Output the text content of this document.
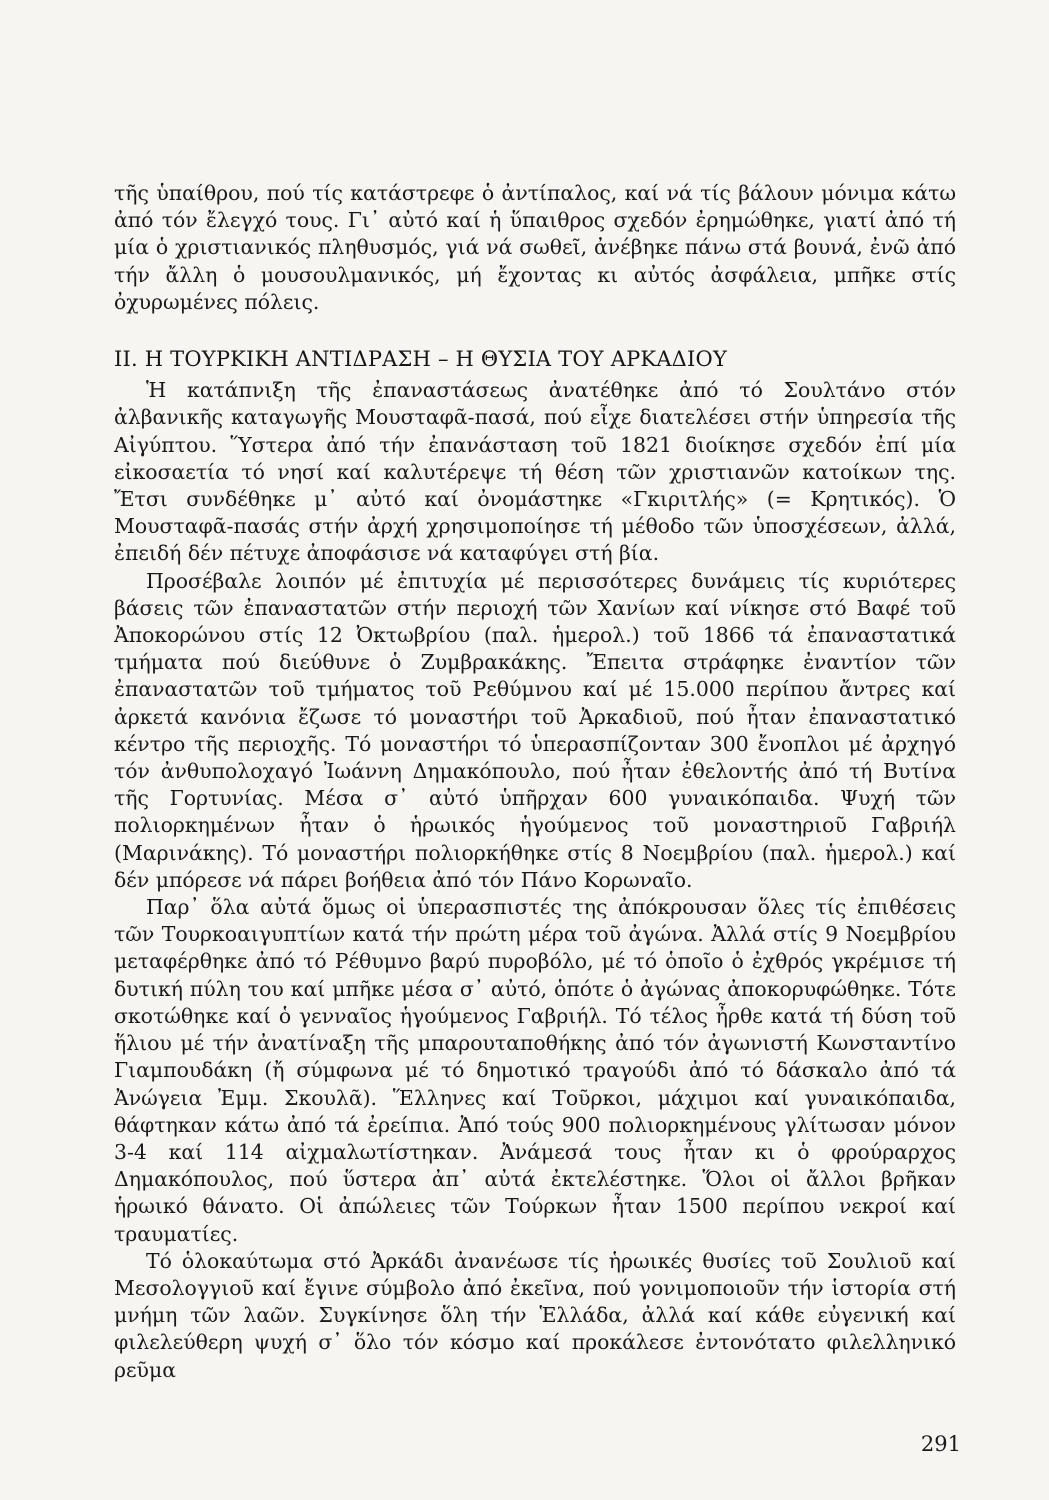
τῆς ὑπαίθρου, πού τίς κατάστρεφε ὁ ἀντίπαλος, καί νά τίς βάλουν μόνιμα κάτω ἀπό τόν ἔλεγχό τους. Γι᾿ αὐτό καί ἡ ὕπαιθρος σχεδόν ἐρημώθηκε, γιατί ἀπό τή μία ὁ χριστιανικός πληθυσμός, γιά νά σωθεῖ, ἀνέβηκε πάνω στά βουνά, ἐνῶ ἀπό τήν ἄλλη ὁ μουσουλμανικός, μή ἔχοντας κι αὐτός ἀσφάλεια, μπῆκε στίς ὀχυρωμένες πόλεις.

ΙΙ. Η ΤΟΥΡΚΙΚΗ ΑΝΤΙΔΡΑΣΗ – Η ΘΥΣΙΑ ΤΟΥ ΑΡΚΑΔΙΟΥ

Ἡ κατάπνιξη τῆς ἐπαναστάσεως ἀνατέθηκε ἀπό τό Σουλτάνο στόν ἀλβανικῆς καταγωγῆς Μουσταφᾶ-πασά, πού εἶχε διατελέσει στήν ὑπηρεσία τῆς Αἰγύπτου. Ὕστερα ἀπό τήν ἐπανάσταση τοῦ 1821 διοίκησε σχεδόν ἐπί μία εἰκοσαετία τό νησί καί καλυτέρεψε τή θέση τῶν χριστιανῶν κατοίκων της. Ἔτσι συνδέθηκε μ᾿ αὐτό καί ὀνομάστηκε «Γκιριτλής» (= Κρητικός). Ὁ Μουσταφᾶ-πασάς στήν ἀρχή χρησιμοποίησε τή μέθοδο τῶν ὑποσχέσεων, ἀλλά, ἐπειδή δέν πέτυχε ἀποφάσισε νά καταφύγει στή βία.

Προσέβαλε λοιπόν μέ ἐπιτυχία μέ περισσότερες δυνάμεις τίς κυριότερες βάσεις τῶν ἐπαναστατῶν στήν περιοχή τῶν Χανίων καί νίκησε στό Βαφέ τοῦ Ἀποκορώνου στίς 12 Ὀκτωβρίου (παλ. ἡμερολ.) τοῦ 1866 τά ἐπαναστατικά τμήματα πού διεύθυνε ὁ Ζυμβρακάκης. Ἔπειτα στράφηκε ἐναντίον τῶν ἐπαναστατῶν τοῦ τμήματος τοῦ Ρεθύμνου καί μέ 15.000 περίπου ἄντρες καί ἀρκετά κανόνια ἔζωσε τό μοναστήρι τοῦ Ἀρκαδιοῦ, πού ἦταν ἐπαναστατικό κέντρο τῆς περιοχῆς. Τό μοναστήρι τό ὑπερασπίζονταν 300 ἔνοπλοι μέ ἀρχηγό τόν ἀνθυπολοχαγό Ἰωάννη Δημακόπουλο, πού ἦταν ἐθελοντής ἀπό τή Βυτίνα τῆς Γορτυνίας. Μέσα σ᾿ αὐτό ὑπῆρχαν 600 γυναικόπαιδα. Ψυχή τῶν πολιορκημένων ἦταν ὁ ἡρωικός ἡγούμενος τοῦ μοναστηριοῦ Γαβριήλ (Μαρινάκης). Τό μοναστήρι πολιορκήθηκε στίς 8 Νοεμβρίου (παλ. ἡμερολ.) καί δέν μπόρεσε νά πάρει βοήθεια ἀπό τόν Πάνο Κορωναῖο.

Παρ᾿ ὅλα αὐτά ὅμως οἱ ὑπερασπιστές της ἀπόκρουσαν ὅλες τίς ἐπιθέσεις τῶν Τουρκοαιγυπτίων κατά τήν πρώτη μέρα τοῦ ἀγώνα. Ἀλλά στίς 9 Νοεμβρίου μεταφέρθηκε ἀπό τό Ρέθυμνο βαρύ πυροβόλο, μέ τό ὁποῖο ὁ ἐχθρός γκρέμισε τή δυτική πύλη του καί μπῆκε μέσα σ᾿ αὐτό, ὁπότε ὁ ἀγώνας ἀποκορυφώθηκε. Τότε σκοτώθηκε καί ὁ γενναῖος ἡγούμενος Γαβριήλ. Τό τέλος ἦρθε κατά τή δύση τοῦ ἥλιου μέ τήν ἀνατίναξη τῆς μπαρουταποθήκης ἀπό τόν ἀγωνιστή Κωνσταντίνο Γιαμπουδάκη (ἤ σύμφωνα μέ τό δημοτικό τραγούδι ἀπό τό δάσκαλο ἀπό τά Ἀνώγεια Ἐμμ. Σκουλᾶ). Ἕλληνες καί Τοῦρκοι, μάχιμοι καί γυναικόπαιδα, θάφτηκαν κάτω ἀπό τά ἐρείπια. Ἀπό τούς 900 πολιορκημένους γλίτωσαν μόνον 3-4 καί 114 αἰχμαλωτίστηκαν. Ἀνάμεσά τους ἦταν κι ὁ φρούραρχος Δημακόπουλος, πού ὕστερα ἀπ᾿ αὐτά ἐκτελέστηκε. Ὅλοι οἱ ἄλλοι βρῆκαν ἡρωικό θάνατο. Οἱ ἀπώλειες τῶν Τούρκων ἦταν 1500 περίπου νεκροί καί τραυματίες.

Τό ὁλοκαύτωμα στό Ἀρκάδι ἀνανέωσε τίς ἡρωικές θυσίες τοῦ Σουλιοῦ καί Μεσολογγιοῦ καί ἔγινε σύμβολο ἀπό ἐκεῖνα, πού γονιμοποιοῦν τήν ἱστορία στή μνήμη τῶν λαῶν. Συγκίνησε ὅλη τήν Ἑλλάδα, ἀλλά καί κάθε εὐγενική καί φιλελεύθερη ψυχή σ᾿ ὅλο τόν κόσμο καί προκάλεσε ἐντονότατο φιλελληνικό ρεῦμα

291
